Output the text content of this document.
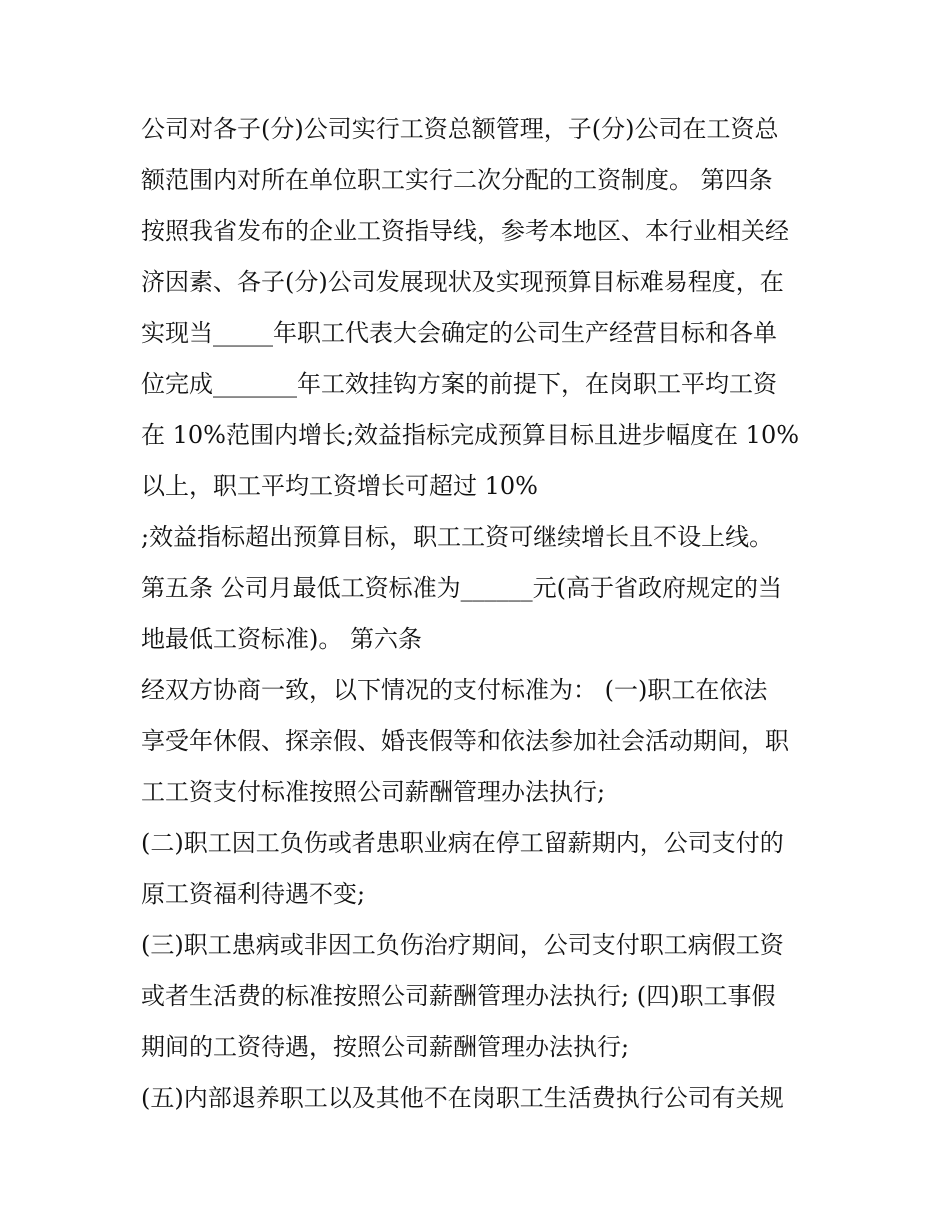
公司对各子(分)公司实行工资总额管理，子(分)公司在工资总
额范围内对所在单位职工实行二次分配的工资制度。 第四条
按照我省发布的企业工资指导线，参考本地区、本行业相关经
济因素、各子(分)公司发展现状及实现预算目标难易程度，在
实现当_____年职工代表大会确定的公司生产经营目标和各单
位完成_______年工效挂钩方案的前提下，在岗职工平均工资
在 10%范围内增长;效益指标完成预算目标且进步幅度在 10%
以上，职工平均工资增长可超过 10%
;效益指标超出预算目标，职工工资可继续增长且不设上线。
第五条 公司月最低工资标准为______元(高于省政府规定的当
地最低工资标准)。 第六条
经双方协商一致，以下情况的支付标准为： (一)职工在依法
享受年休假、探亲假、婚丧假等和依法参加社会活动期间，职
工工资支付标准按照公司薪酬管理办法执行;
(二)职工因工负伤或者患职业病在停工留薪期内，公司支付的
原工资福利待遇不变;
(三)职工患病或非因工负伤治疗期间，公司支付职工病假工资
或者生活费的标准按照公司薪酬管理办法执行; (四)职工事假
期间的工资待遇，按照公司薪酬管理办法执行;
(五)内部退养职工以及其他不在岗职工生活费执行公司有关规
